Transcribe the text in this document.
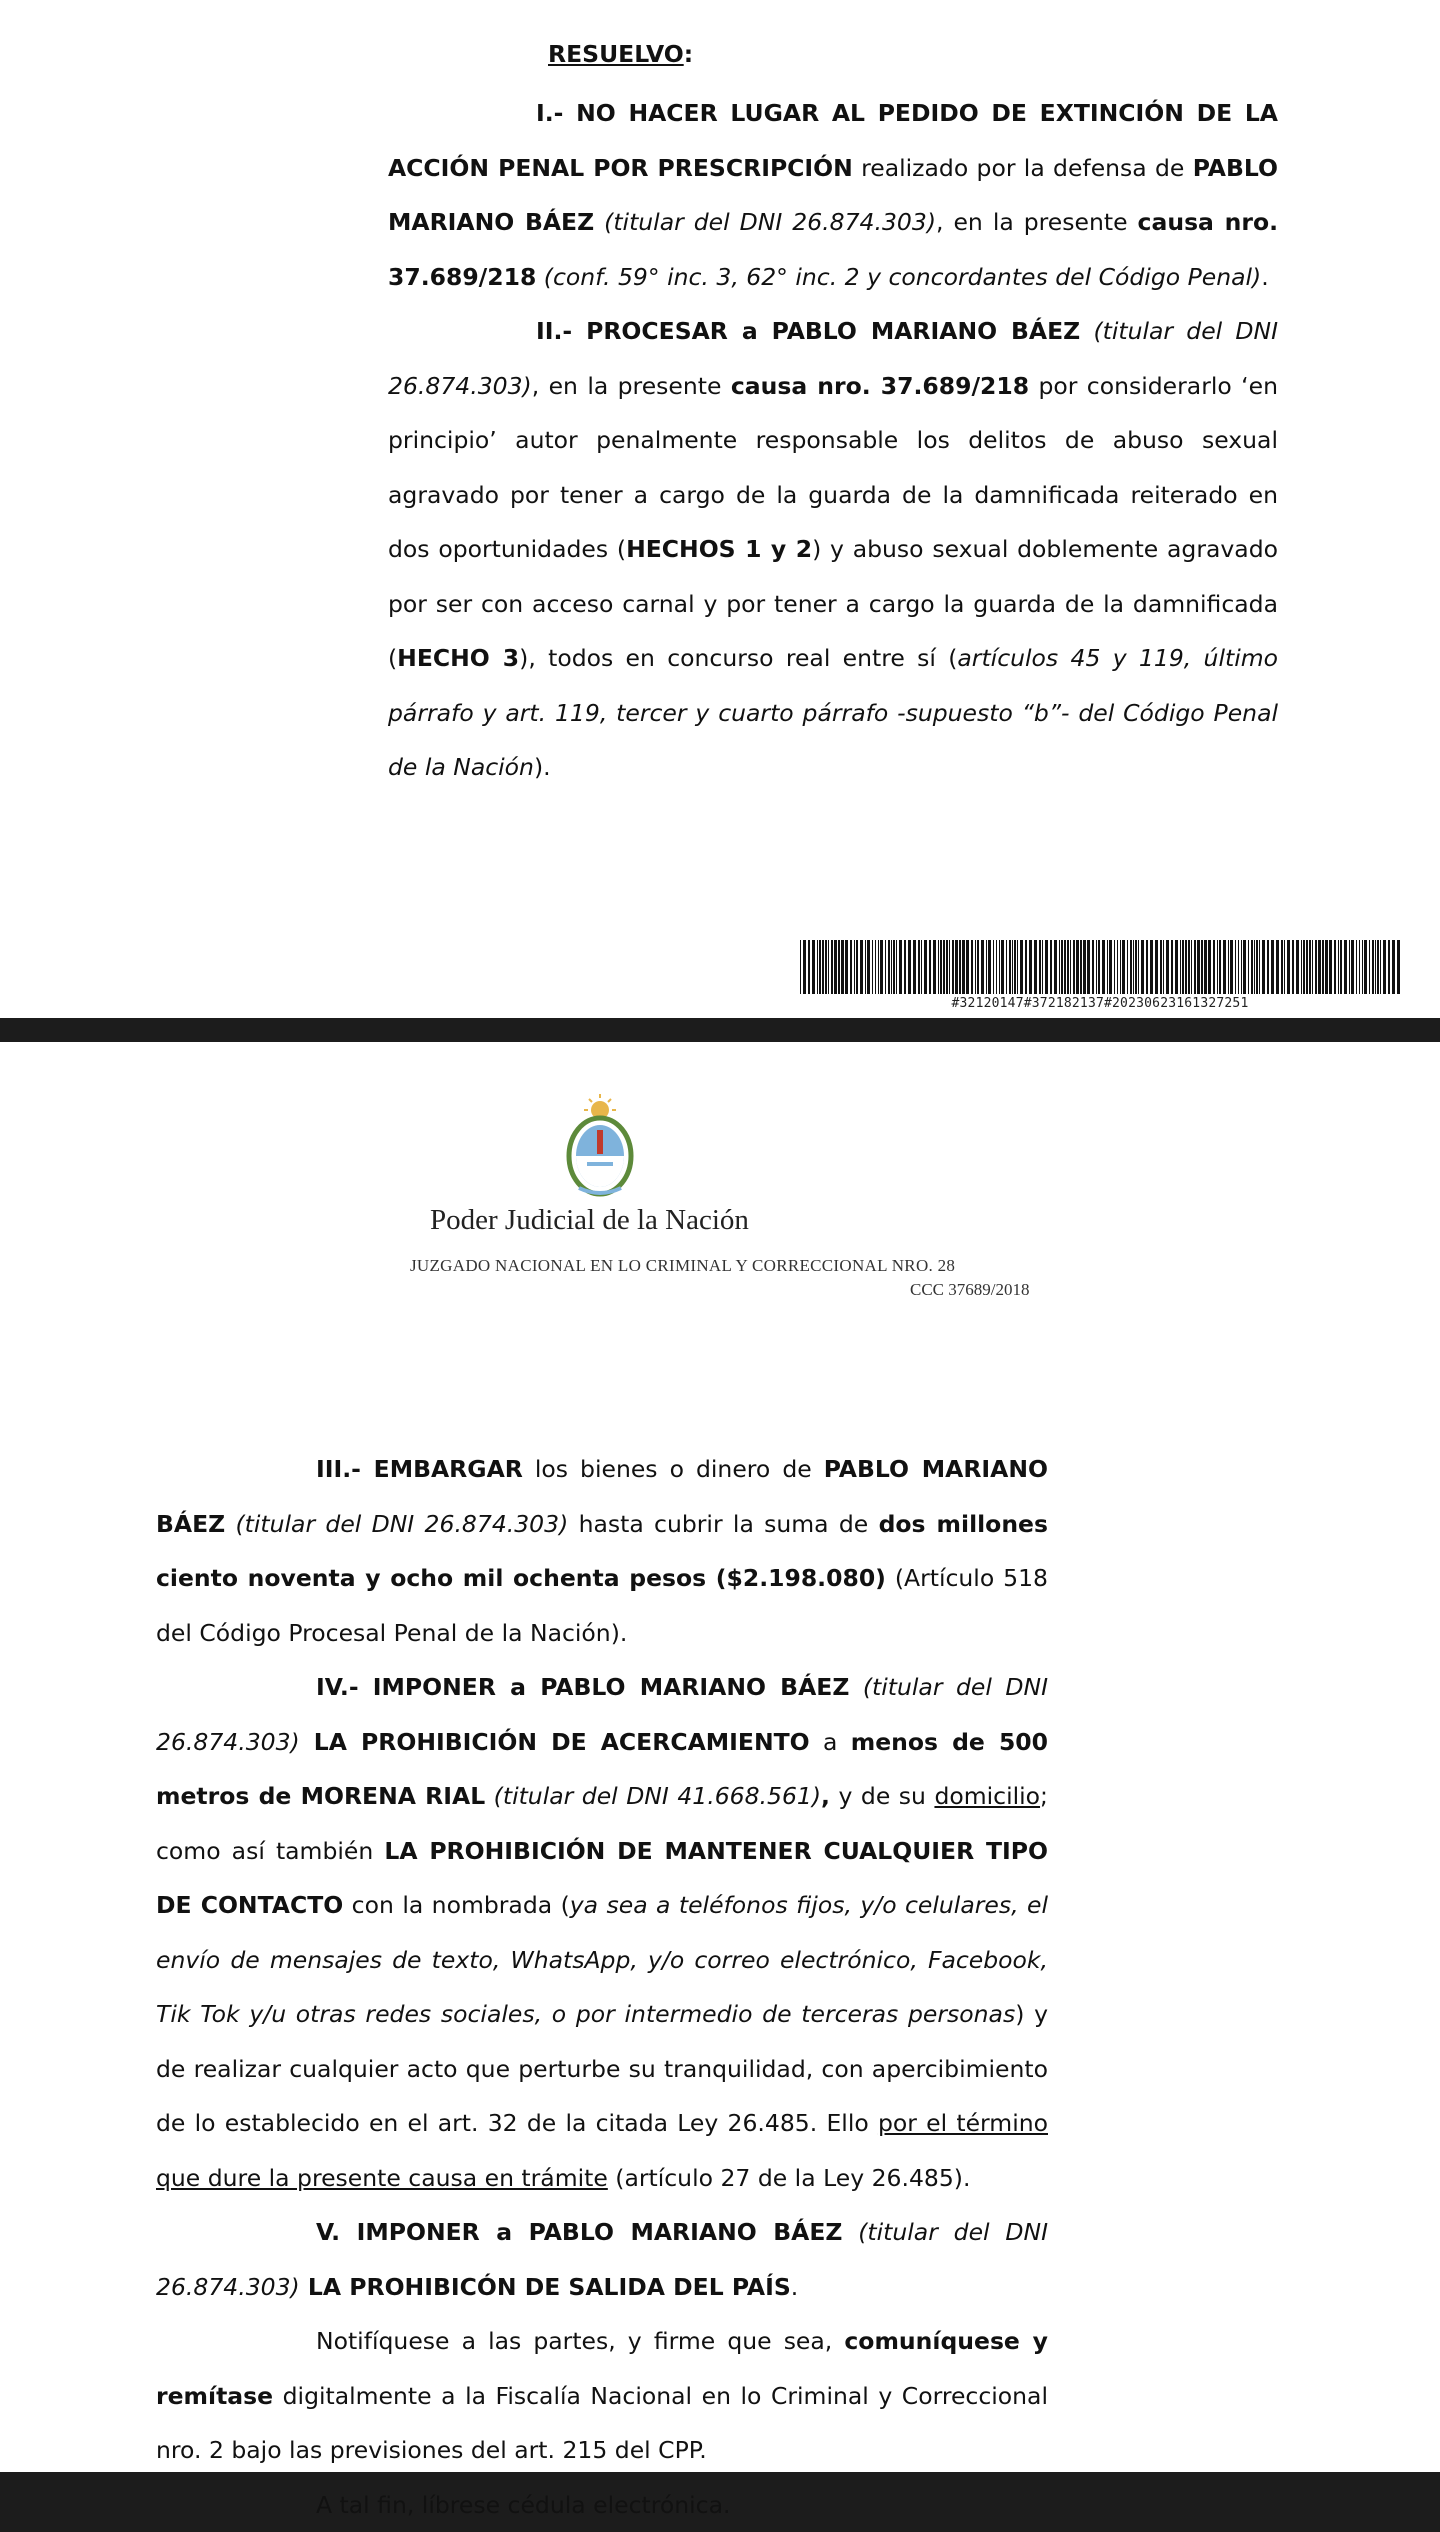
RESUELVO:

I.- NO HACER LUGAR AL PEDIDO DE EXTINCIÓN DE LA ACCIÓN PENAL POR PRESCRIPCIÓN realizado por la defensa de PABLO MARIANO BÁEZ (titular del DNI 26.874.303), en la presente causa nro. 37.689/218 (conf. 59° inc. 3, 62° inc. 2 y concordantes del Código Penal).

II.- PROCESAR a PABLO MARIANO BÁEZ (titular del DNI 26.874.303), en la presente causa nro. 37.689/218 por considerarlo ‘en principio’ autor penalmente responsable los delitos de abuso sexual agravado por tener a cargo de la guarda de la damnificada reiterado en dos oportunidades (HECHOS 1 y 2) y abuso sexual doblemente agravado por ser con acceso carnal y por tener a cargo la guarda de la damnificada (HECHO 3), todos en concurso real entre sí (artículos 45 y 119, último párrafo y art. 119, tercer y cuarto párrafo -supuesto “b”- del Código Penal de la Nación).

#32120147#372182137#20230623161327251
Poder Judicial de la Nación
JUZGADO NACIONAL EN LO CRIMINAL Y CORRECCIONAL NRO. 28
CCC 37689/2018

III.- EMBARGAR los bienes o dinero de PABLO MARIANO BÁEZ (titular del DNI 26.874.303) hasta cubrir la suma de dos millones ciento noventa y ocho mil ochenta pesos ($2.198.080) (Artículo 518 del Código Procesal Penal de la Nación).

IV.- IMPONER a PABLO MARIANO BÁEZ (titular del DNI 26.874.303) LA PROHIBICIÓN DE ACERCAMIENTO a menos de 500 metros de MORENA RIAL (titular del DNI 41.668.561), y de su domicilio; como así también LA PROHIBICIÓN DE MANTENER CUALQUIER TIPO DE CONTACTO con la nombrada (ya sea a teléfonos fijos, y/o celulares, el envío de mensajes de texto, WhatsApp, y/o correo electrónico, Facebook, Tik Tok y/u otras redes sociales, o por intermedio de terceras personas) y de realizar cualquier acto que perturbe su tranquilidad, con apercibimiento de lo establecido en el art. 32 de la citada Ley 26.485. Ello por el término que dure la presente causa en trámite (artículo 27 de la Ley 26.485).

V. IMPONER a PABLO MARIANO BÁEZ (titular del DNI 26.874.303) LA PROHIBICÓN DE SALIDA DEL PAÍS.

Notifíquese a las partes, y firme que sea, comuníquese y remítase digitalmente a la Fiscalía Nacional en lo Criminal y Correccional nro. 2 bajo las previsiones del art. 215 del CPP.

A tal fin, líbrese cédula electrónica.
